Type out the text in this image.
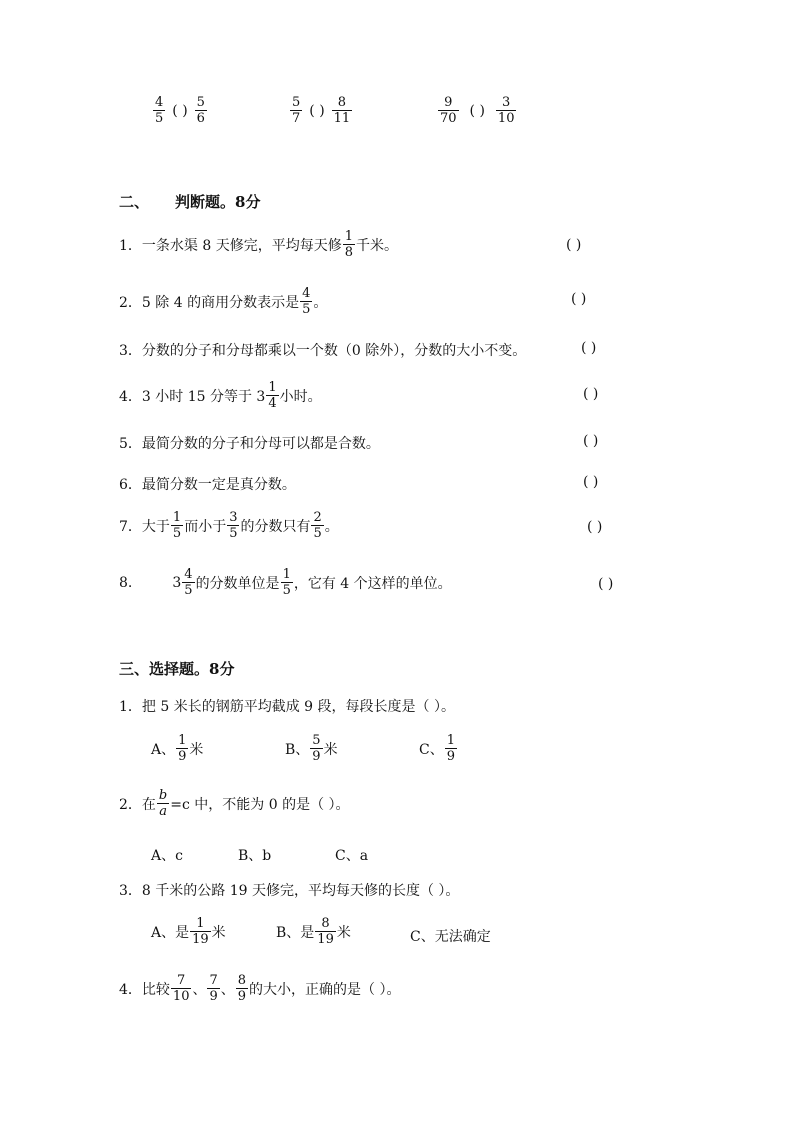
$\frac{4}{5}$ ( ) $\frac{5}{6}$	$\frac{5}{7}$ ( ) $\frac{8}{11}$	$\frac{9}{70}$ ( ) $\frac{3}{10}$
二、 判断题。8分
1．一条水渠 8 天修完，平均每天修 $\frac{1}{8}$ 千米。	( )
2．5 除 4 的商用分数表示是 $\frac{4}{5}$ 。	( )
3．分数的分子和分母都乘以一个数（0 除外），分数的大小不变。	( )
4．3 小时 15 分等于 $3 \frac{1}{4}$ 小时。	( )
5．最简分数的分子和分母可以都是合数。	( )
6．最简分数一定是真分数。	( )
7．大于 $\frac{1}{5}$ 而小于 $\frac{3}{5}$ 的分数只有 $\frac{2}{5}$ 。	( )
8.	$3 \frac{4}{5}$ 的分数单位是 $\frac{1}{5}$ ，它有 4 个这样的单位。	( )
三、选择题。8分
1．把 5 米长的钢筋平均截成 9 段，每段长度是（ ）。
A、 $\frac{1}{9}$ 米	B、 $\frac{5}{9}$ 米	C、 $\frac{1}{9}$
2．在 $\frac{b}{a} =c$ 中，不能为 0 的是（ ）。
A、c	B、b	C、a
3．8 千米的公路 19 天修完，平均每天修的长度（ ）。
A、是 $\frac{1}{19}$ 米	B、是 $\frac{8}{19}$ 米	C、无法确定
4．比较 $\frac{7}{10}$ 、 $\frac{7}{9}$ 、 $\frac{8}{9}$ 的大小，正确的是（ ）。
